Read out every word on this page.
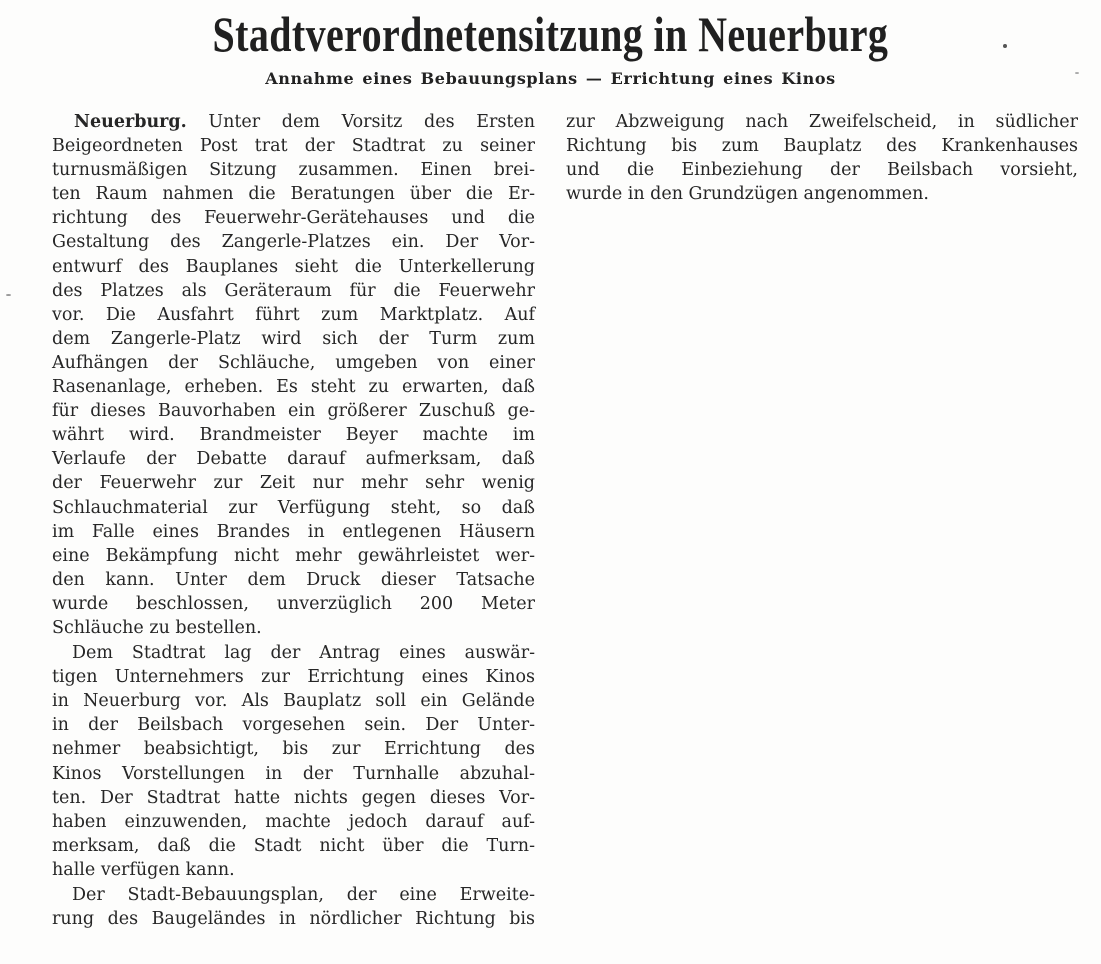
Stadtverordnetensitzung in Neuerburg
Annahme eines Bebauungsplans — Errichtung eines Kinos
Neuerburg. Unter dem Vorsitz des Ersten
Beigeordneten Post trat der Stadtrat zu seiner
turnusmäßigen Sitzung zusammen. Einen brei-
ten Raum nahmen die Beratungen über die Er-
richtung des Feuerwehr-Gerätehauses und die
Gestaltung des Zangerle-Platzes ein. Der Vor-
entwurf des Bauplanes sieht die Unterkellerung
des Platzes als Geräteraum für die Feuerwehr
vor. Die Ausfahrt führt zum Marktplatz. Auf
dem Zangerle-Platz wird sich der Turm zum
Aufhängen der Schläuche, umgeben von einer
Rasenanlage, erheben. Es steht zu erwarten, daß
für dieses Bauvorhaben ein größerer Zuschuß ge-
währt wird. Brandmeister Beyer machte im
Verlaufe der Debatte darauf aufmerksam, daß
der Feuerwehr zur Zeit nur mehr sehr wenig
Schlauchmaterial zur Verfügung steht, so daß
im Falle eines Brandes in entlegenen Häusern
eine Bekämpfung nicht mehr gewährleistet wer-
den kann. Unter dem Druck dieser Tatsache
wurde beschlossen, unverzüglich 200 Meter
Schläuche zu bestellen.
Dem Stadtrat lag der Antrag eines auswär-
tigen Unternehmers zur Errichtung eines Kinos
in Neuerburg vor. Als Bauplatz soll ein Gelände
in der Beilsbach vorgesehen sein. Der Unter-
nehmer beabsichtigt, bis zur Errichtung des
Kinos Vorstellungen in der Turnhalle abzuhal-
ten. Der Stadtrat hatte nichts gegen dieses Vor-
haben einzuwenden, machte jedoch darauf auf-
merksam, daß die Stadt nicht über die Turn-
halle verfügen kann.
Der Stadt-Bebauungsplan, der eine Erweite-
rung des Baugeländes in nördlicher Richtung bis
zur Abzweigung nach Zweifelscheid, in südlicher
Richtung bis zum Bauplatz des Krankenhauses
und die Einbeziehung der Beilsbach vorsieht,
wurde in den Grundzügen angenommen.
